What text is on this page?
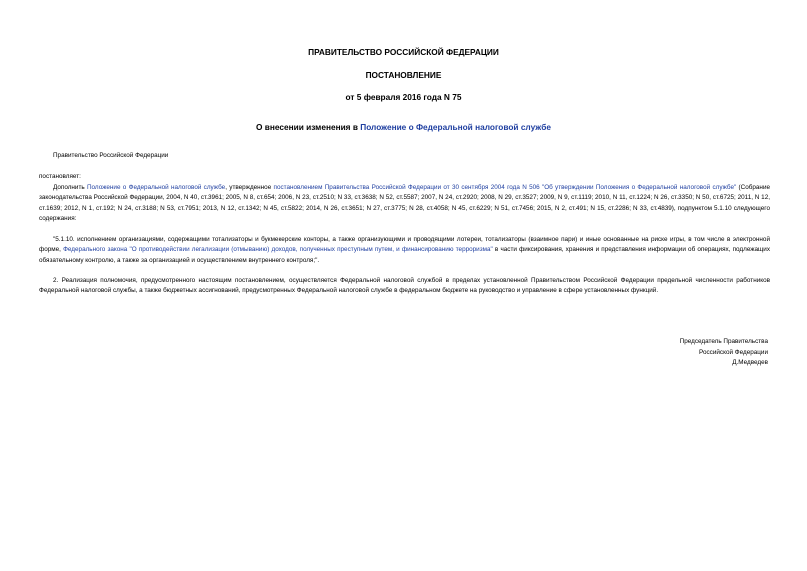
ПРАВИТЕЛЬСТВО РОССИЙСКОЙ ФЕДЕРАЦИИ
ПОСТАНОВЛЕНИЕ
от 5 февраля 2016 года N 75
О внесении изменения в Положение о Федеральной налоговой службе

Правительство Российской Федерации

постановляет:

Дополнить Положение о Федеральной налоговой службе, утвержденное постановлением Правительства Российской Федерации от 30 сентября 2004 года N 506 "Об утверждении Положения о Федеральной налоговой службе" (Собрание законодательства Российской Федерации, 2004, N 40, ст.3961; 2005, N 8, ст.654; 2006, N 23, ст.2510; N 33, ст.3638; N 52, ст.5587; 2007, N 24, ст.2920; 2008, N 29, ст.3527; 2009, N 9, ст.1119; 2010, N 11, ст.1224; N 26, ст.3350; N 50, ст.6725; 2011, N 12, ст.1639; 2012, N 1, ст.192; N 24, ст.3188; N 53, ст.7951; 2013, N 12, ст.1342; N 45, ст.5822; 2014, N 26, ст.3651; N 27, ст.3775; N 28, ст.4058; N 45, ст.6229; N 51, ст.7456; 2015, N 2, ст.491; N 15, ст.2286; N 33, ст.4839), подпунктом 5.1.10 следующего содержания:

"5.1.10. исполнением организациями, содержащими тотализаторы и букмекерские конторы, а также организующими и проводящими лотереи, тотализаторы (взаимное пари) и иные основанные на риске игры, в том числе в электронной форме, Федерального закона "О противодействии легализации (отмыванию) доходов, полученных преступным путем, и финансированию терроризма" в части фиксирования, хранения и представления информации об операциях, подлежащих обязательному контролю, а также за организацией и осуществлением внутреннего контроля;".

2. Реализация полномочия, предусмотренного настоящим постановлением, осуществляется Федеральной налоговой службой в пределах установленной Правительством Российской Федерации предельной численности работников Федеральной налоговой службы, а также бюджетных ассигнований, предусмотренных Федеральной налоговой службе в федеральном бюджете на руководство и управление в сфере установленных функций.

Председатель Правительства
Российской Федерации
Д.Медведев
